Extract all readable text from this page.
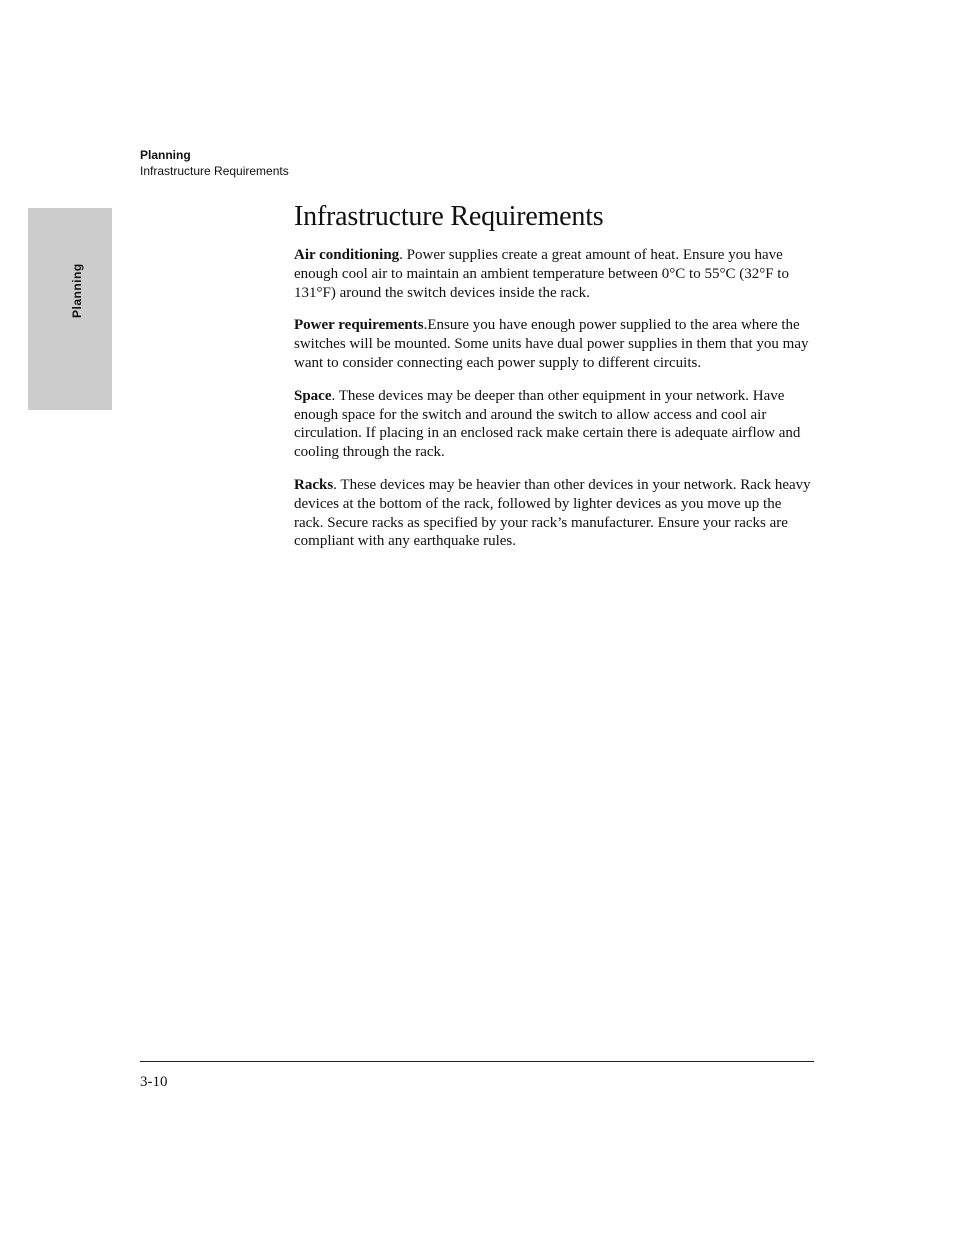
Planning
Infrastructure Requirements
Planning
Infrastructure Requirements

Air conditioning. Power supplies create a great amount of heat. Ensure you have enough cool air to maintain an ambient temperature between 0°C to 55°C (32°F to 131°F) around the switch devices inside the rack.

Power requirements.Ensure you have enough power supplied to the area where the switches will be mounted. Some units have dual power supplies in them that you may want to consider connecting each power supply to different circuits.

Space. These devices may be deeper than other equipment in your network. Have enough space for the switch and around the switch to allow access and cool air circulation. If placing in an enclosed rack make certain there is adequate airflow and cooling through the rack.

Racks. These devices may be heavier than other devices in your network. Rack heavy devices at the bottom of the rack, followed by lighter devices as you move up the rack. Secure racks as specified by your rack’s manufacturer. Ensure your racks are compliant with any earthquake rules.

3-10
